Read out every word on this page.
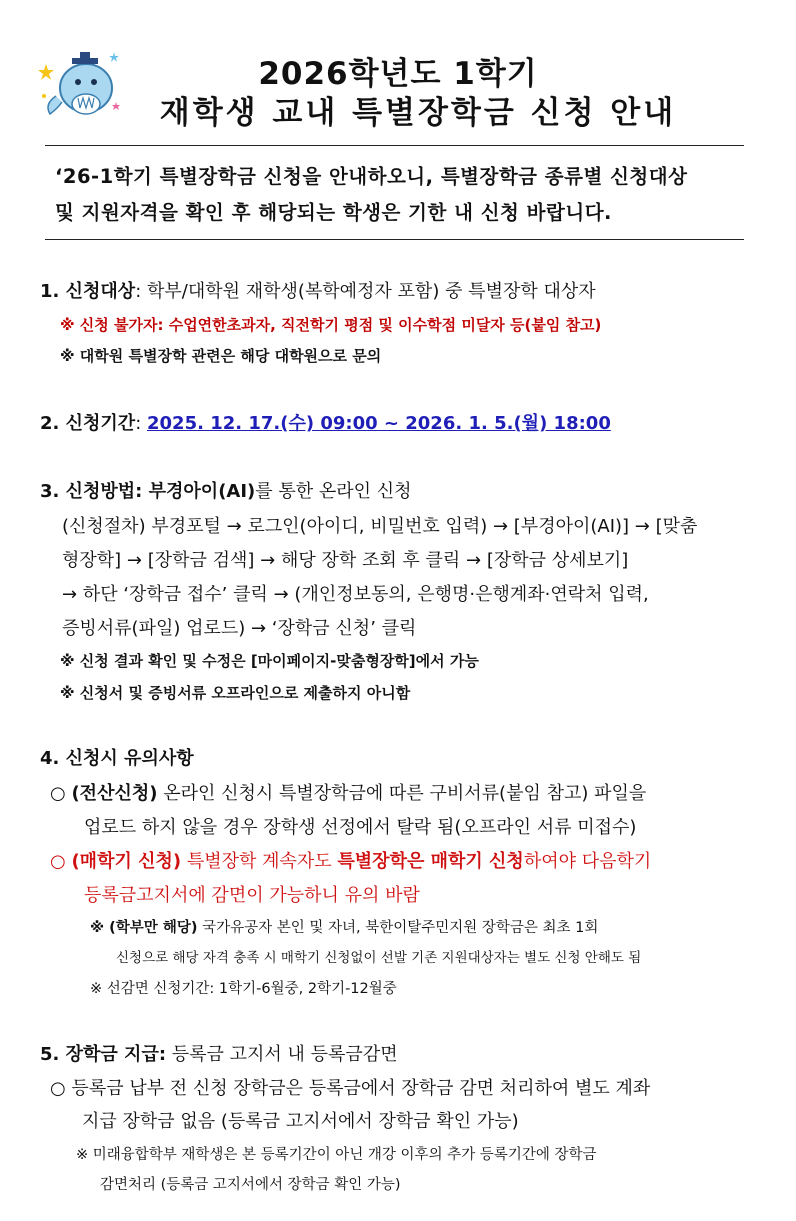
2026학년도 1학기
재학생 교내 특별장학금 신청 안내
‘26-1학기 특별장학금 신청을 안내하오니, 특별장학금 종류별 신청대상
및 지원자격을 확인 후 해당되는 학생은 기한 내 신청 바랍니다.
1. 신청대상: 학부/대학원 재학생(복학예정자 포함) 중 특별장학 대상자
※ 신청 불가자: 수업연한초과자, 직전학기 평점 및 이수학점 미달자 등(붙임 참고)
※ 대학원 특별장학 관련은 해당 대학원으로 문의
2. 신청기간: 2025. 12. 17.(수) 09:00 ~ 2026. 1. 5.(월) 18:00
3. 신청방법: 부경아이(AI)를 통한 온라인 신청
(신청절차) 부경포털 → 로그인(아이디, 비밀번호 입력) → [부경아이(AI)] → [맞춤
형장학] → [장학금 검색] → 해당 장학 조회 후 클릭 → [장학금 상세보기]
→ 하단 ‘장학금 접수’ 클릭 → (개인정보동의, 은행명·은행계좌·연락처 입력,
증빙서류(파일) 업로드) → ‘장학금 신청’ 클릭
※ 신청 결과 확인 및 수정은 [마이페이지-맞춤형장학]에서 가능
※ 신청서 및 증빙서류 오프라인으로 제출하지 아니함
4. 신청시 유의사항
○ (전산신청) 온라인 신청시 특별장학금에 따른 구비서류(붙임 참고) 파일을
업로드 하지 않을 경우 장학생 선정에서 탈락 됨(오프라인 서류 미접수)
○ (매학기 신청) 특별장학 계속자도 특별장학은 매학기 신청하여야 다음학기
등록금고지서에 감면이 가능하니 유의 바람
※ (학부만 해당) 국가유공자 본인 및 자녀, 북한이탈주민지원 장학금은 최초 1회
신청으로 해당 자격 충족 시 매학기 신청없이 선발 기존 지원대상자는 별도 신청 안해도 됨
※ 선감면 신청기간: 1학기-6월중, 2학기-12월중
5. 장학금 지급: 등록금 고지서 내 등록금감면
○ 등록금 납부 전 신청 장학금은 등록금에서 장학금 감면 처리하여 별도 계좌
지급 장학금 없음 (등록금 고지서에서 장학금 확인 가능)
※ 미래융합학부 재학생은 본 등록기간이 아닌 개강 이후의 추가 등록기간에 장학금
감면처리 (등록금 고지서에서 장학금 확인 가능)
